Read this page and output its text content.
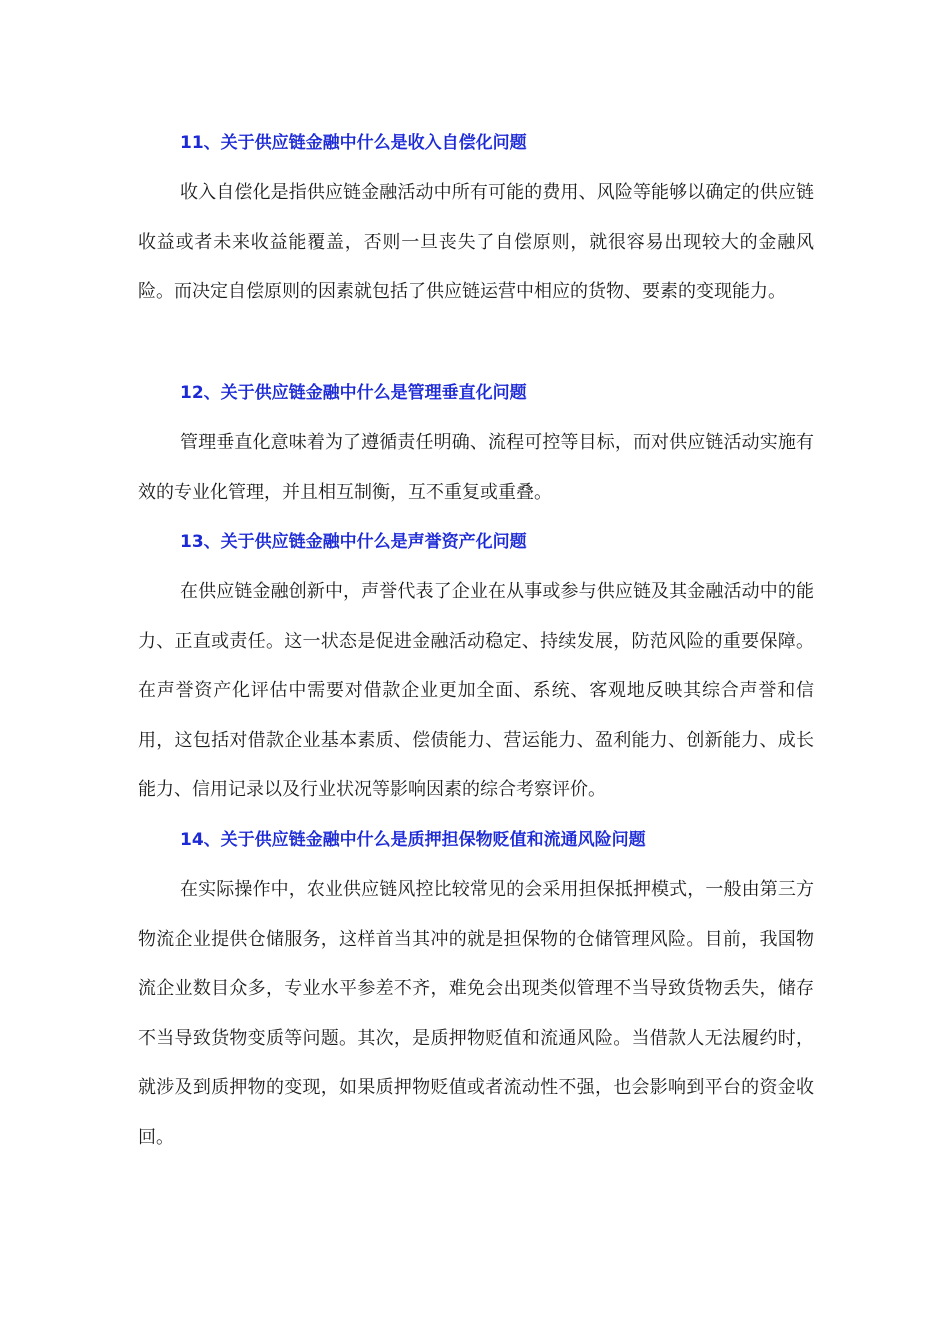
11、关于供应链金融中什么是收入自偿化问题

收入自偿化是指供应链金融活动中所有可能的费用、风险等能够以确定的供应链收益或者未来收益能覆盖，否则一旦丧失了自偿原则，就很容易出现较大的金融风险。而决定自偿原则的因素就包括了供应链运营中相应的货物、要素的变现能力。

12、关于供应链金融中什么是管理垂直化问题

管理垂直化意味着为了遵循责任明确、流程可控等目标，而对供应链活动实施有效的专业化管理，并且相互制衡，互不重复或重叠。

13、关于供应链金融中什么是声誉资产化问题

在供应链金融创新中，声誉代表了企业在从事或参与供应链及其金融活动中的能力、正直或责任。这一状态是促进金融活动稳定、持续发展，防范风险的重要保障。在声誉资产化评估中需要对借款企业更加全面、系统、客观地反映其综合声誉和信用，这包括对借款企业基本素质、偿债能力、营运能力、盈利能力、创新能力、成长能力、信用记录以及行业状况等影响因素的综合考察评价。

14、关于供应链金融中什么是质押担保物贬值和流通风险问题

在实际操作中，农业供应链风控比较常见的会采用担保抵押模式，一般由第三方物流企业提供仓储服务，这样首当其冲的就是担保物的仓储管理风险。目前，我国物流企业数目众多，专业水平参差不齐，难免会出现类似管理不当导致货物丢失，储存不当导致货物变质等问题。其次，是质押物贬值和流通风险。当借款人无法履约时，就涉及到质押物的变现，如果质押物贬值或者流动性不强，也会影响到平台的资金收回。
